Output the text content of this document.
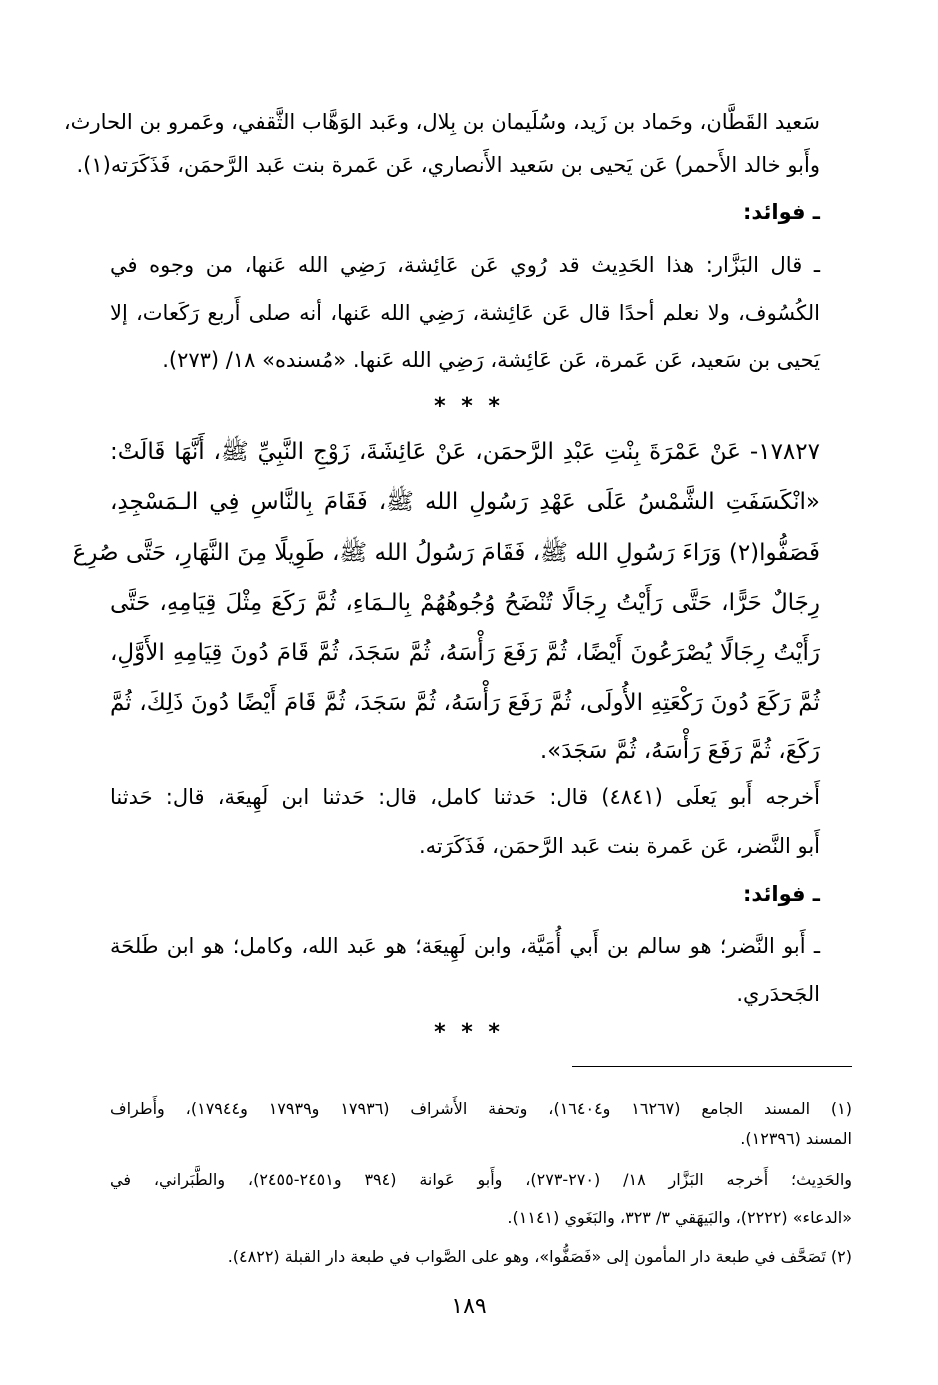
سَعيد القَطَّان، وحَماد بن زَيد، وسُلَيمان بن بِلال، وعَبد الوَهَّاب الثَّقفي، وعَمرو بن الحارث،
وأَبو خالد الأَحمر) عَن يَحيى بن سَعيد الأَنصاري، عَن عَمرة بنت عَبد الرَّحمَن، فَذَكَرَته(١).
ـ فوائد:
ـ قال البَزَّار: هذا الحَدِيث قد رُوي عَن عَائِشة، رَضِي الله عَنها، من وجوه في
الكُسُوف، ولا نعلم أحدًا قال عَن عَائِشة، رَضِي الله عَنها، أنه صلى أَربع رَكَعات، إلا
يَحيى بن سَعيد، عَن عَمرة، عَن عَائِشة، رَضِي الله عَنها. «مُسنده» ١٨/ (٢٧٣).
* * *
١٧٨٢٧- عَنْ عَمْرَةَ بِنْتِ عَبْدِ الرَّحمَن، عَنْ عَائِشَةَ، زَوْجِ النَّبِيِّ ﷺ، أَنَّهَا قَالَتْ:
«انْكَسَفَتِ الشَّمْسُ عَلَى عَهْدِ رَسُولِ الله ﷺ، فَقَامَ بِالنَّاسِ فِي الـمَسْجِدِ،
فَصَفُّوا(٢) وَرَاءَ رَسُولِ الله ﷺ، فَقَامَ رَسُولُ الله ﷺ، طَوِيلًا مِنَ النَّهَارِ، حَتَّى صُرِعَ
رِجَالٌ حَرًّا، حَتَّى رَأَيْتُ رِجَالًا تُنْضَحُ وُجُوهُهُمْ بِالـمَاءِ، ثُمَّ رَكَعَ مِثْلَ قِيَامِهِ، حَتَّى
رَأَيْتُ رِجَالًا يُصْرَعُونَ أَيْضًا، ثُمَّ رَفَعَ رَأْسَهُ، ثُمَّ سَجَدَ، ثُمَّ قَامَ دُونَ قِيَامِهِ الأَوَّلِ،
ثُمَّ رَكَعَ دُونَ رَكْعَتِهِ الأُولَى، ثُمَّ رَفَعَ رَأْسَهُ، ثُمَّ سَجَدَ، ثُمَّ قَامَ أَيْضًا دُونَ ذَلِكَ، ثُمَّ
رَكَعَ، ثُمَّ رَفَعَ رَأْسَهُ، ثُمَّ سَجَدَ».
أَخرجه أَبو يَعلَى (٤٨٤١) قال: حَدثنا كامل، قال: حَدثنا ابن لَهِيعَة، قال: حَدثنا
أَبو النَّضر، عَن عَمرة بنت عَبد الرَّحمَن، فَذَكَرَته.
ـ فوائد:
ـ أَبو النَّضر؛ هو سالم بن أَبي أُمَيَّة، وابن لَهِيعَة؛ هو عَبد الله، وكامل؛ هو ابن طَلحَة
الجَحدَري.
* * *
(١) المسند الجامع (١٦٢٦٧ و١٦٤٠٤)، وتحفة الأَشراف (١٧٩٣٦ و١٧٩٣٩ و١٧٩٤٤)، وأَطراف
المسند (١٢٣٩٦).
والحَدِيث؛ أَخرجه البَزَّار ١٨/ (٢٧٠-٢٧٣)، وأَبو عَوانة (٣٩٤ و٢٤٥١-٢٤٥٥)، والطَّبَراني، في
«الدعاء» (٢٢٢٢)، والبَيهَقي ٣/ ٣٢٣، والبَغَوي (١١٤١).
(٢) تَصَحَّف في طبعة دار المأمون إلى «فَصَفُّوا»، وهو على الصَّواب في طبعة دار القبلة (٤٨٢٢).
١٨٩
